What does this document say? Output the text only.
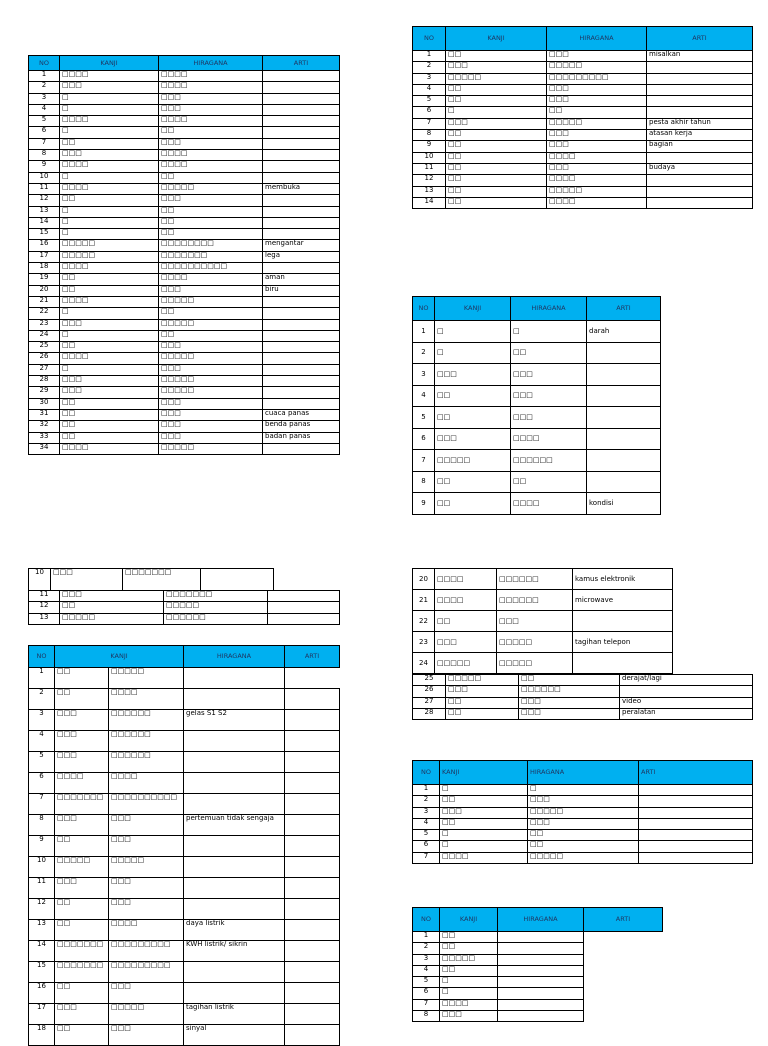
NO	KANJI	HIRAGANA	ARTI
1	□□□□	□□□□	
2	□□□	□□□□	
3	□	□□□	
4	□	□□□	
5	□□□□	□□□□	
6	□	□□	
7	□□	□□□	
8	□□□	□□□□	
9	□□□□	□□□□	
10	□	□□	
11	□□□□	□□□□□	membuka
12	□□	□□□	
13	□	□□	
14	□	□□	
15	□	□□	
16	□□□□□	□□□□□□□□	mengantar
17	□□□□□	□□□□□□□	lega
18	□□□□	□□□□□□□□□□	
19	□□	□□□□	aman
20	□□	□□□	biru
21	□□□□	□□□□□	
22	□	□□	
23	□□□	□□□□□	
24	□	□□	
25	□□	□□□	
26	□□□□	□□□□□	
27	□	□□□	
28	□□□	□□□□□	
29	□□□	□□□□□	
30	□□	□□□	
31	□□	□□□	cuaca panas
32	□□	□□□	benda panas
33	□□	□□□	badan panas
34	□□□□	□□□□□	
NO	KANJI	HIRAGANA	ARTI
1	□□	□□□	misalkan
2	□□□	□□□□□	
3	□□□□□	□□□□□□□□□	
4	□□	□□□	
5	□□	□□□	
6	□	□□	
7	□□□	□□□□□	pesta akhir tahun
8	□□	□□□	atasan kerja
9	□□	□□□	bagian
10	□□	□□□□	
11	□□	□□□	budaya
12	□□	□□□□	
13	□□	□□□□□	
14	□□	□□□□	
NO	KANJI	HIRAGANA	ARTI
1	□	□	darah
2	□	□□	
3	□□□	□□□	
4	□□	□□□	
5	□□	□□□	
6	□□□	□□□□	
7	□□□□□	□□□□□□	
8	□□	□□	
9	□□	□□□□	kondisi
10	□□□	□□□□□□□	
11	□□□	□□□□□□□	
12	□□	□□□□□	
13	□□□□□	□□□□□□	
NO	KANJI		HIRAGANA	ARTI
1	□□	□□□□□		
2	□□	□□□□		
3	□□□	□□□□□□	gelas S1 S2	
4	□□□	□□□□□□		
5	□□□	□□□□□□		
6	□□□□	□□□□		
7	□□□□□□□	□□□□□□□□□□		
8	□□□	□□□	pertemuan tidak sengaja	
9	□□	□□□		
10	□□□□□	□□□□□		
11	□□□	□□□		
12	□□	□□□		
13	□□	□□□□	daya listrik	
14	□□□□□□□	□□□□□□□□□	KWH listrik/ sikrin	
15	□□□□□□□	□□□□□□□□□		
16	□□	□□□		
17	□□□	□□□□□	tagihan listrik	
18	□□	□□□	sinyal	
20	□□□□	□□□□□□	kamus elektronik
21	□□□□	□□□□□□	microwave
22	□□	□□□	
23	□□□	□□□□□	tagihan telepon
24	□□□□□	□□□□□	
25	□□□□□	□□	derajat/lagi
26	□□□	□□□□□□	
27	□□	□□□	video
28	□□	□□□	peralatan
NO	KANJI	HIRAGANA	ARTI
1	□	□	
2	□□	□□□	
3	□□□	□□□□□	
4	□□	□□□	
5	□	□□	
6	□	□□	
7	□□□□	□□□□□	
NO	KANJI	HIRAGANA	ARTI
1	□□		
2	□□		
3	□□□□□		
4	□□		
5	□		
6	□		
7	□□□□		
8	□□□		
